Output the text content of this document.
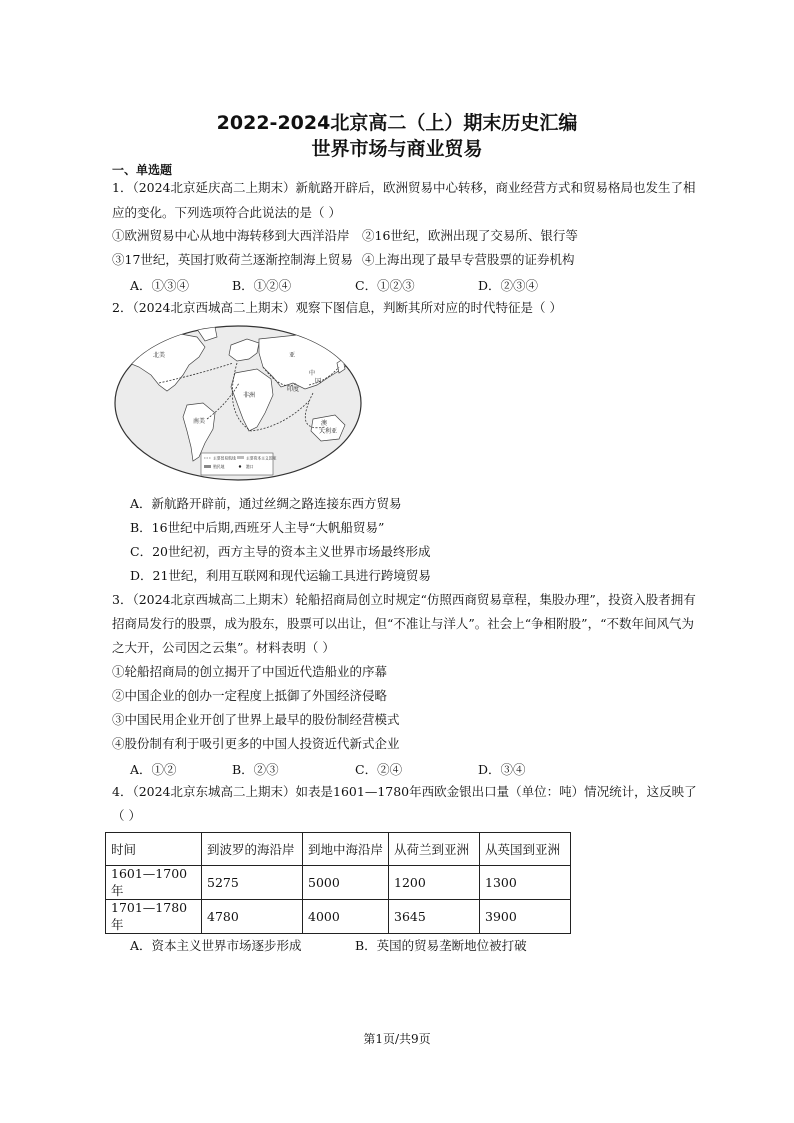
2022-2024北京高二（上）期末历史汇编
世界市场与商业贸易
一、单选题
1．（2024北京延庆高二上期末）新航路开辟后，欧洲贸易中心转移，商业经营方式和贸易格局也发生了相
应的变化。下列选项符合此说法的是（ ）
①欧洲贸易中心从地中海转移到大西洋沿岸 ②16世纪，欧洲出现了交易所、银行等
③17世纪，英国打败荷兰逐渐控制海上贸易 ④上海出现了最早专营股票的证券机构
A．①③④	B．①②④	C．①②③	D．②③④
2．（2024北京西城高二上期末）观察下图信息，判断其所对应的时代特征是（ ）
北美	亚
中
国
印度
澳
大利亚
非洲
南美
主要贸易航线	主要资本主义国家
殖民地	港口
A．新航路开辟前，通过丝绸之路连接东西方贸易
B．16世纪中后期,西班牙人主导“大帆船贸易”
C．20世纪初，西方主导的资本主义世界市场最终形成
D．21世纪，利用互联网和现代运输工具进行跨境贸易
3．（2024北京西城高二上期末）轮船招商局创立时规定“仿照西商贸易章程，集股办理”，投资入股者拥有
招商局发行的股票，成为股东，股票可以出让，但“不准让与洋人”。社会上“争相附股”，“不数年间风气为
之大开，公司因之云集”。材料表明（ ）
①轮船招商局的创立揭开了中国近代造船业的序幕
②中国企业的创办一定程度上抵御了外国经济侵略
③中国民用企业开创了世界上最早的股份制经营模式
④股份制有利于吸引更多的中国人投资近代新式企业
A．①②	B．②③	C．②④	D．③④
4．（2024北京东城高二上期末）如表是1601—1780年西欧金银出口量（单位：吨）情况统计，这反映了
（ ）
时间	到波罗的海沿岸	到地中海沿岸	从荷兰到亚洲	从英国到亚洲
1601—1700年	5275	5000	1200	1300
1701—1780年	4780	4000	3645	3900
A．资本主义世界市场逐步形成	B．英国的贸易垄断地位被打破
第1页/共9页
